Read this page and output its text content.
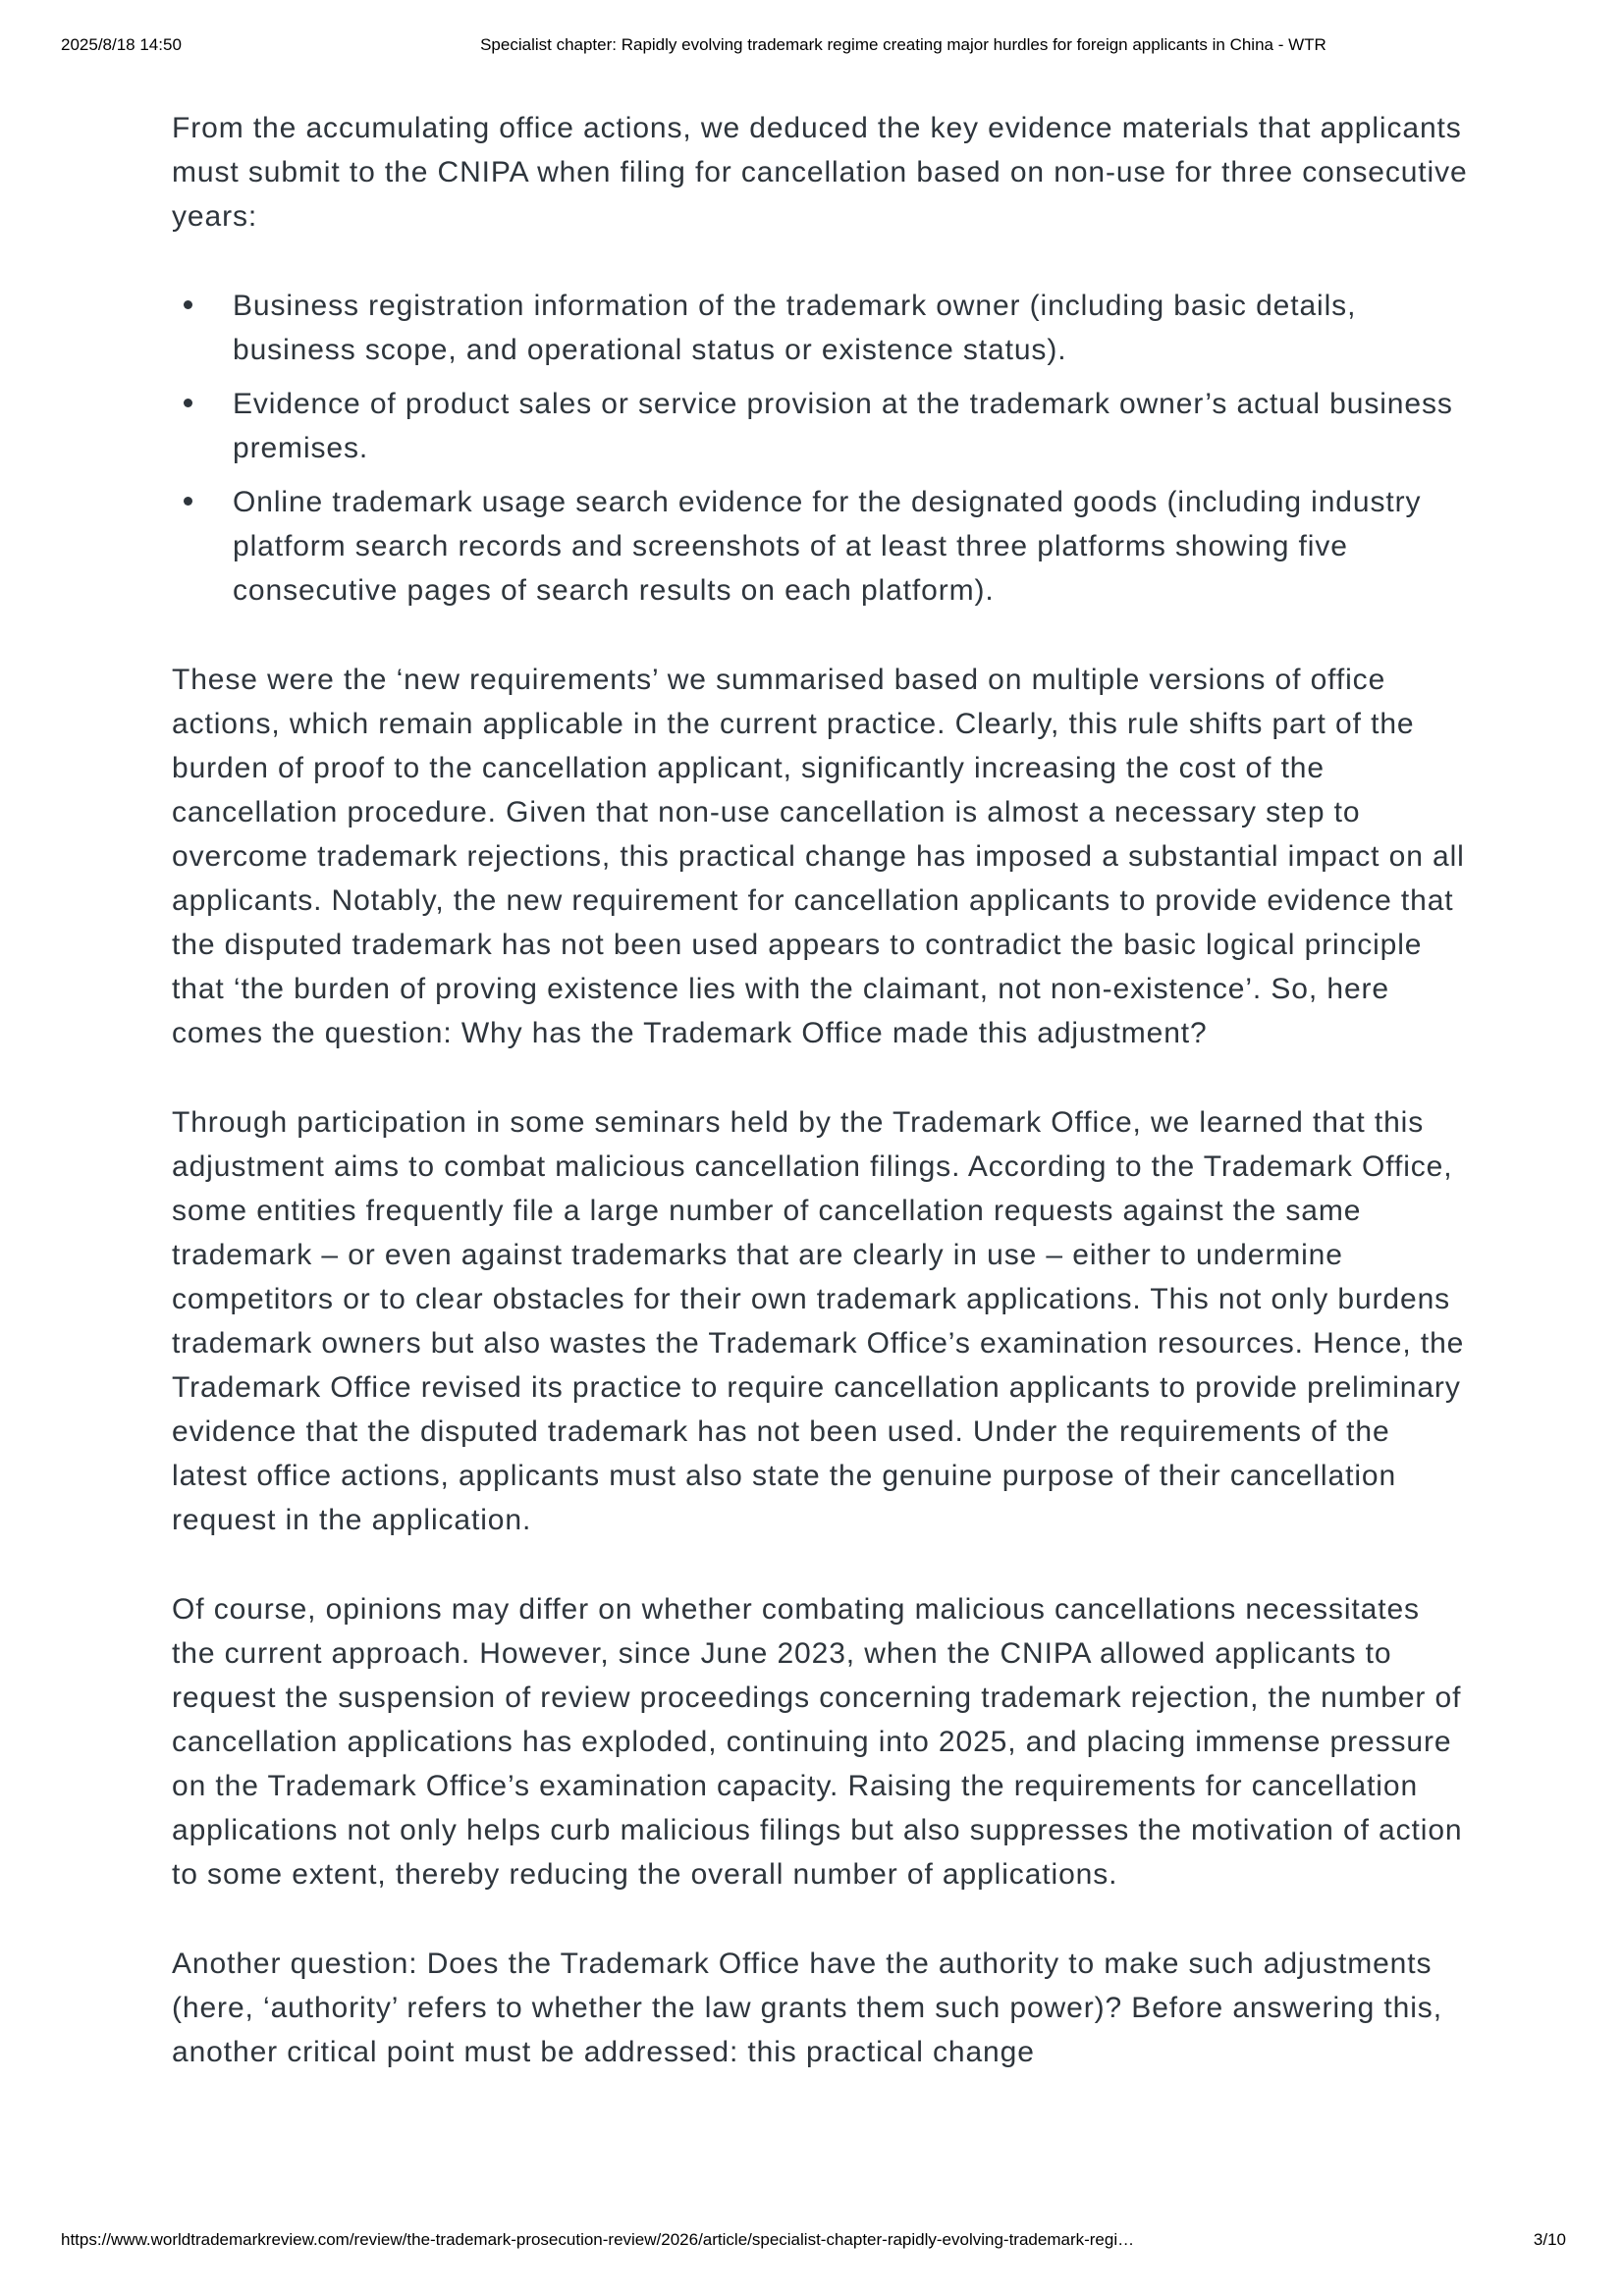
2025/8/18 14:50	Specialist chapter: Rapidly evolving trademark regime creating major hurdles for foreign applicants in China - WTR

From the accumulating office actions, we deduced the key evidence materials that applicants must submit to the CNIPA when filing for cancellation based on non-use for three consecutive years:

Business registration information of the trademark owner (including basic details, business scope, and operational status or existence status).
Evidence of product sales or service provision at the trademark owner’s actual business premises.
Online trademark usage search evidence for the designated goods (including industry platform search records and screenshots of at least three platforms showing five consecutive pages of search results on each platform).

These were the ‘new requirements’ we summarised based on multiple versions of office actions, which remain applicable in the current practice. Clearly, this rule shifts part of the burden of proof to the cancellation applicant, significantly increasing the cost of the cancellation procedure. Given that non-use cancellation is almost a necessary step to overcome trademark rejections, this practical change has imposed a substantial impact on all applicants. Notably, the new requirement for cancellation applicants to provide evidence that the disputed trademark has not been used appears to contradict the basic logical principle that ‘the burden of proving existence lies with the claimant, not non-existence’. So, here comes the question: Why has the Trademark Office made this adjustment?

Through participation in some seminars held by the Trademark Office, we learned that this adjustment aims to combat malicious cancellation filings. According to the Trademark Office, some entities frequently file a large number of cancellation requests against the same trademark – or even against trademarks that are clearly in use – either to undermine competitors or to clear obstacles for their own trademark applications. This not only burdens trademark owners but also wastes the Trademark Office’s examination resources. Hence, the Trademark Office revised its practice to require cancellation applicants to provide preliminary evidence that the disputed trademark has not been used. Under the requirements of the latest office actions, applicants must also state the genuine purpose of their cancellation request in the application.

Of course, opinions may differ on whether combating malicious cancellations necessitates the current approach. However, since June 2023, when the CNIPA allowed applicants to request the suspension of review proceedings concerning trademark rejection, the number of cancellation applications has exploded, continuing into 2025, and placing immense pressure on the Trademark Office’s examination capacity. Raising the requirements for cancellation applications not only helps curb malicious filings but also suppresses the motivation of action to some extent, thereby reducing the overall number of applications.

Another question: Does the Trademark Office have the authority to make such adjustments (here, ‘authority’ refers to whether the law grants them such power)? Before answering this, another critical point must be addressed: this practical change

https://www.worldtrademarkreview.com/review/the-trademark-prosecution-review/2026/article/specialist-chapter-rapidly-evolving-trademark-regi…	3/10
